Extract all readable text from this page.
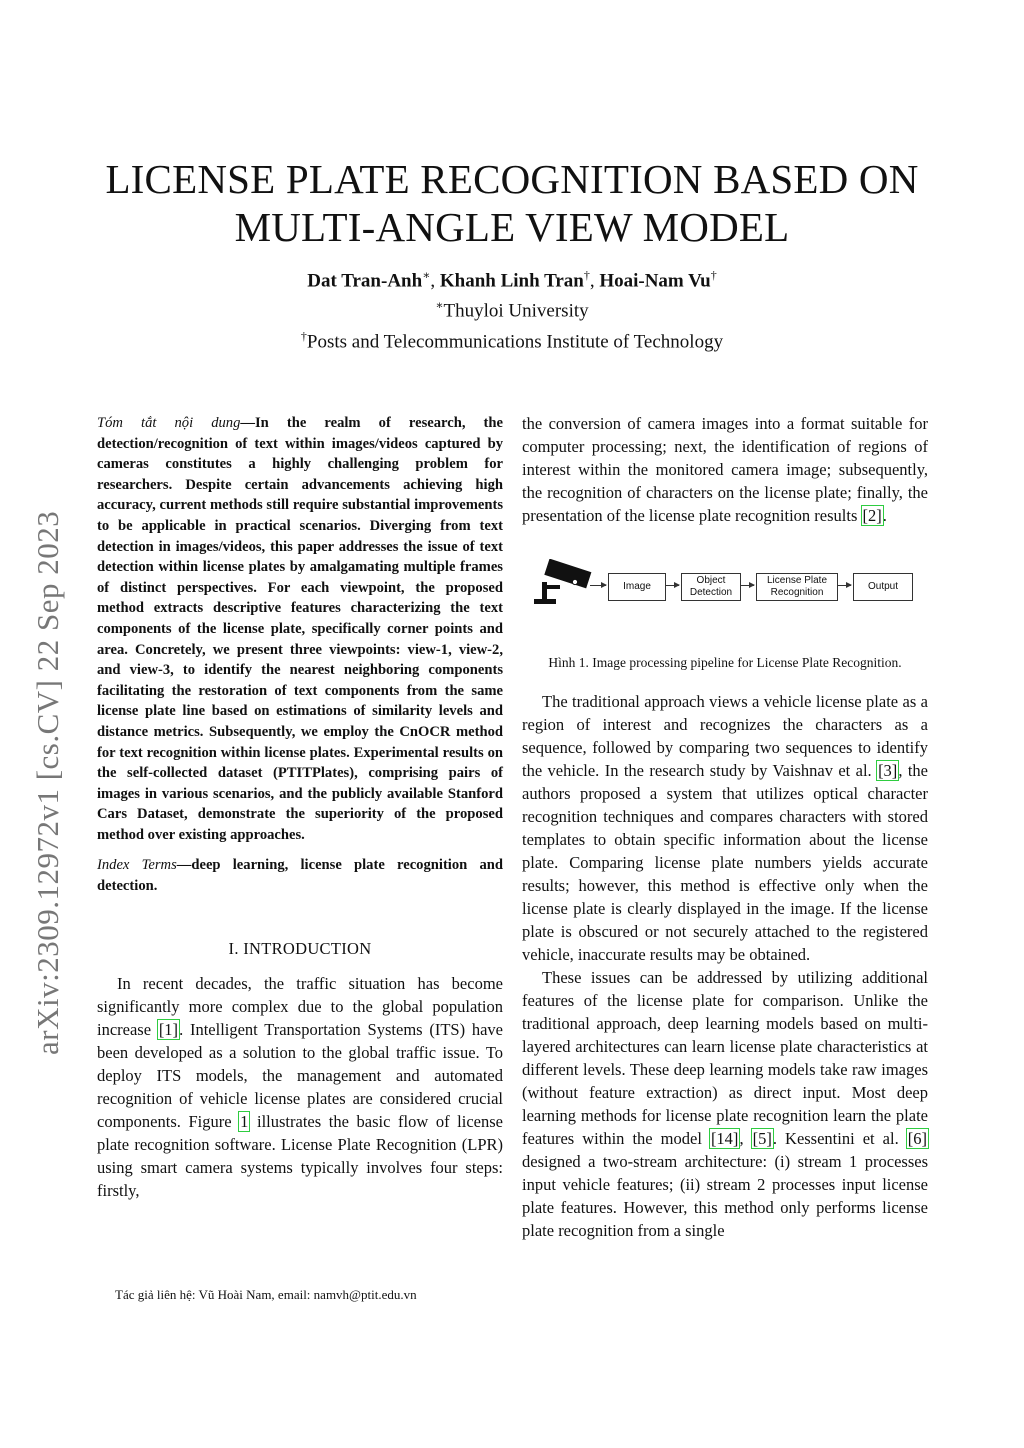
LICENSE PLATE RECOGNITION BASED ON
MULTI-ANGLE VIEW MODEL
Dat Tran-Anh∗, Khanh Linh Tran†, Hoai-Nam Vu†
∗Thuyloi University
†Posts and Telecommunications Institute of Technology
arXiv:2309.12972v1 [cs.CV] 22 Sep 2023
Tóm tắt nội dung—In the realm of research, the detection/recognition of text within images/videos captured by cameras constitutes a highly challenging problem for researchers. Despite certain advancements achieving high accuracy, current methods still require substantial improvements to be applicable in practical scenarios. Diverging from text detection in images/videos, this paper addresses the issue of text detection within license plates by amalgamating multiple frames of distinct perspectives. For each viewpoint, the proposed method extracts descriptive features characterizing the text components of the license plate, specifically corner points and area. Concretely, we present three viewpoints: view-1, view-2, and view-3, to identify the nearest neighboring components facilitating the restoration of text components from the same license plate line based on estimations of similarity levels and distance metrics. Subsequently, we employ the CnOCR method for text recognition within license plates. Experimental results on the self-collected dataset (PTITPlates), comprising pairs of images in various scenarios, and the publicly available Stanford Cars Dataset, demonstrate the superiority of the proposed method over existing approaches.
Index Terms—deep learning, license plate recognition and detection.
I. INTRODUCTION

In recent decades, the traffic situation has become significantly more complex due to the global population increase [1]. Intelligent Transportation Systems (ITS) have been developed as a solution to the global traffic issue. To deploy ITS models, the management and automated recognition of vehicle license plates are considered crucial components. Figure 1 illustrates the basic flow of license plate recognition software. License Plate Recognition (LPR) using smart camera systems typically involves four steps: firstly,

Tác giả liên hệ: Vũ Hoài Nam, email: namvh@ptit.edu.vn

the conversion of camera images into a format suitable for computer processing; next, the identification of regions of interest within the monitored camera image; subsequently, the recognition of characters on the license plate; finally, the presentation of the license plate recognition results [2].

Image
Object
Detection
License Plate
Recognition
Output
Hình 1. Image processing pipeline for License Plate Recognition.

The traditional approach views a vehicle license plate as a region of interest and recognizes the characters as a sequence, followed by comparing two sequences to identify the vehicle. In the research study by Vaishnav et al. [3], the authors proposed a system that utilizes optical character recognition techniques and compares characters with stored templates to obtain specific information about the license plate. Comparing license plate numbers yields accurate results; however, this method is effective only when the license plate is clearly displayed in the image. If the license plate is obscured or not securely attached to the registered vehicle, inaccurate results may be obtained.

These issues can be addressed by utilizing additional features of the license plate for comparison. Unlike the traditional approach, deep learning models based on multi-layered architectures can learn license plate characteristics at different levels. These deep learning models take raw images (without feature extraction) as direct input. Most deep learning methods for license plate recognition learn the plate features within the model [14], [5]. Kessentini et al. [6] designed a two-stream architecture: (i) stream 1 processes input vehicle features; (ii) stream 2 processes input license plate features. However, this method only performs license plate recognition from a single
